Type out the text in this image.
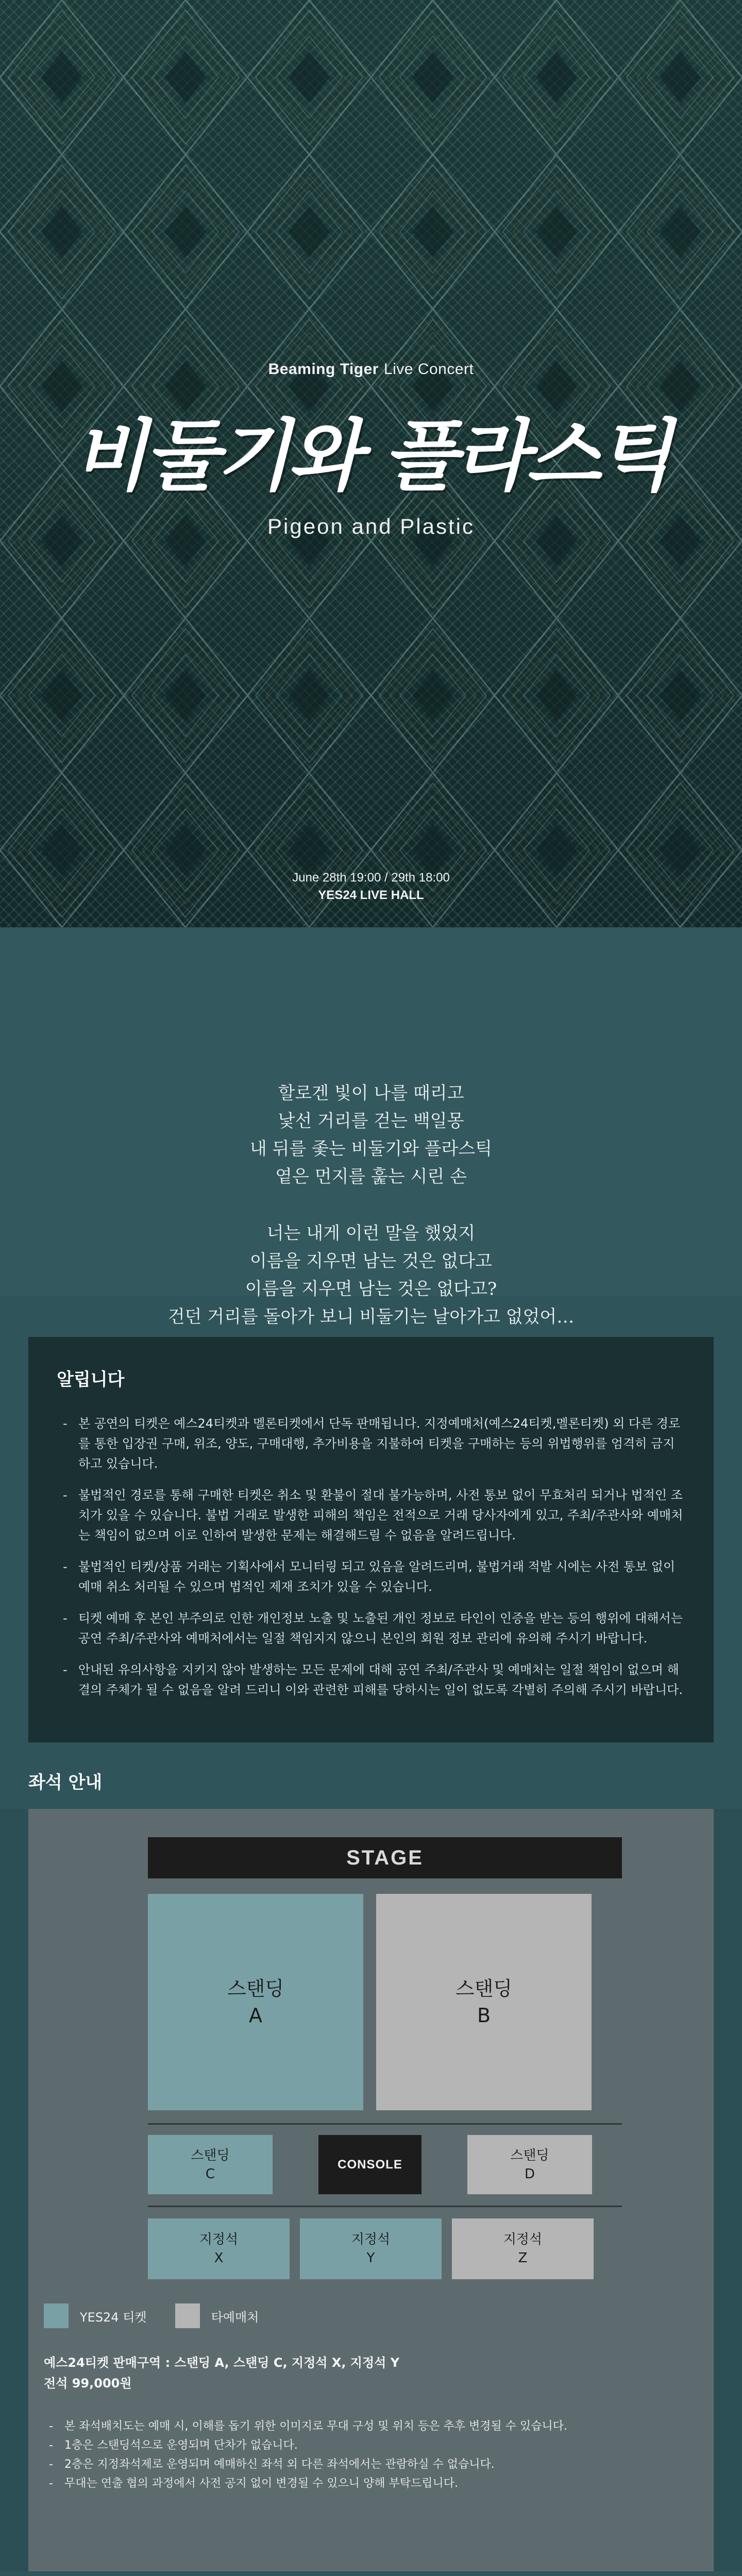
Beaming Tiger Live Concert
비둘기와 플라스틱
Pigeon and Plastic
June 28th 19:00 / 29th 18:00
YES24 LIVE HALL
할로겐 빛이 나를 때리고
낯선 거리를 걷는 백일몽
내 뒤를 좇는 비둘기와 플라스틱
옅은 먼지를 훑는 시린 손
너는 내게 이런 말을 했었지
이름을 지우면 남는 것은 없다고
이름을 지우면 남는 것은 없다고?
건던 거리를 돌아가 보니 비둘기는 날아가고 없었어…
알립니다
- 본 공연의 티켓은 예스24티켓과 멜론티켓에서 단독 판매됩니다. 지정예매처(예스24티켓,멜론티켓) 외 다른 경로를 통한 입장권 구매, 위조, 양도, 구매대행, 추가비용을 지불하여 티켓을 구매하는 등의 위법행위를 엄격히 금지하고 있습니다.
- 불법적인 경로를 통해 구매한 티켓은 취소 및 환불이 절대 불가능하며, 사전 통보 없이 무효처리 되거나 법적인 조치가 있을 수 있습니다. 불법 거래로 발생한 피해의 책임은 전적으로 거래 당사자에게 있고, 주최/주관사와 예매처는 책임이 없으며 이로 인하여 발생한 문제는 해결해드릴 수 없음을 알려드립니다.
- 불법적인 티켓/상품 거래는 기획사에서 모니터링 되고 있음을 알려드리며, 불법거래 적발 시에는 사전 통보 없이 예매 취소 처리될 수 있으며 법적인 제재 조치가 있을 수 있습니다.
- 티켓 예매 후 본인 부주의로 인한 개인정보 노출 및 노출된 개인 정보로 타인이 인증을 받는 등의 행위에 대해서는 공연 주최/주관사와 예매처에서는 일절 책임지지 않으니 본인의 회원 정보 관리에 유의해 주시기 바랍니다.
- 안내된 유의사항을 지키지 않아 발생하는 모든 문제에 대해 공연 주최/주관사 및 예매처는 일절 책임이 없으며 해결의 주체가 될 수 없음을 알려 드리니 이와 관련한 피해를 당하시는 일이 없도록 각별히 주의해 주시기 바랍니다.
좌석 안내
STAGE
스탠딩
A
스탠딩
B
스탠딩
C
CONSOLE
스탠딩
D
지정석
X
지정석
Y
지정석
Z
YES24 티켓	타예매처
예스24티켓 판매구역 : 스탠딩 A, 스탠딩 C, 지정석 X, 지정석 Y
전석 99,000원
- 본 좌석배치도는 예매 시, 이해를 돕기 위한 이미지로 무대 구성 및 위치 등은 추후 변경될 수 있습니다.
- 1층은 스탠딩석으로 운영되며 단차가 없습니다.
- 2층은 지정좌석제로 운영되며 예매하신 좌석 외 다른 좌석에서는 관람하실 수 없습니다.
- 무대는 연출 협의 과정에서 사전 공지 없이 변경될 수 있으니 양해 부탁드립니다.
